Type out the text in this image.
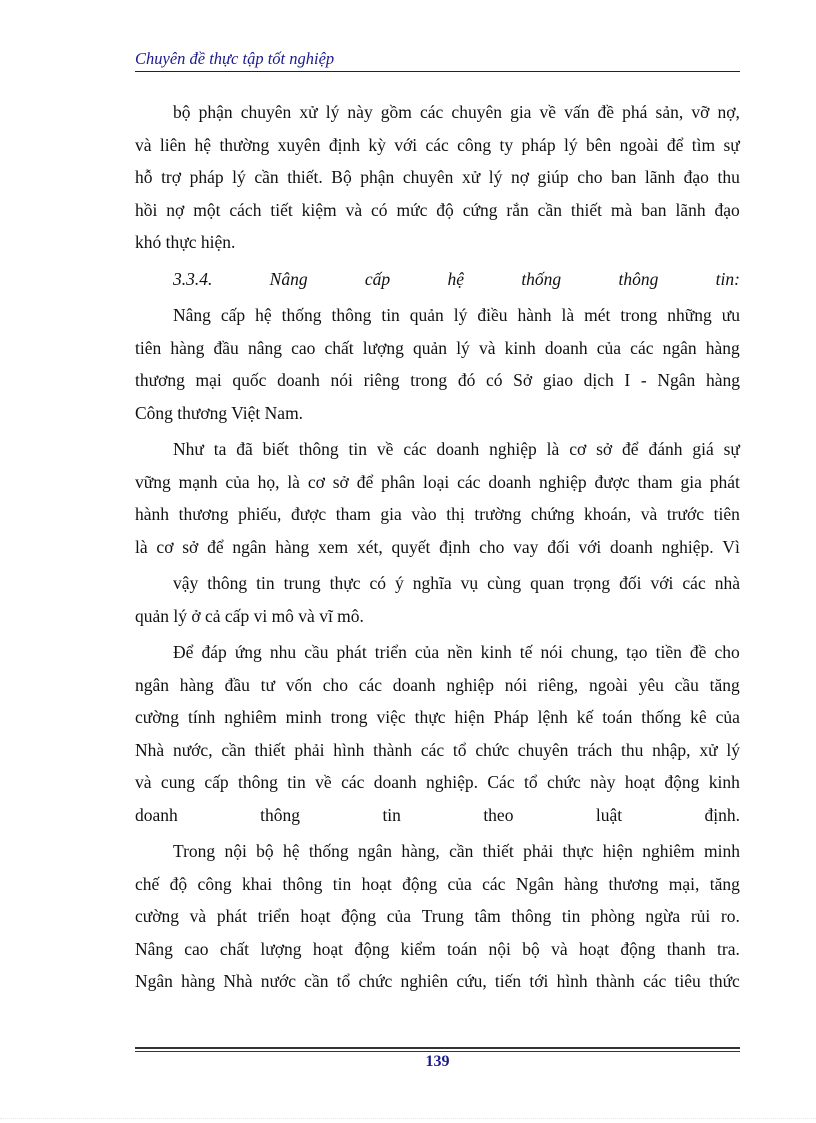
Chuyên đề thực tập tốt nghiệp
bộ phận chuyên xử lý này gồm các chuyên gia về vấn đề phá sản, vỡ nợ,
và liên hệ thường xuyên định kỳ với các công ty pháp lý bên ngoài để tìm sự
hỗ trợ pháp lý cần thiết. Bộ phận chuyên xử lý nợ giúp cho ban lãnh đạo thu
hồi nợ một cách tiết kiệm và có mức độ cứng rắn cần thiết mà ban lãnh đạo
khó thực hiện.
3.3.4.	Nâng	cấp	hệ	thống	thông	tin:
Nâng cấp hệ thống thông tin quản lý điều hành là mét trong những ưu
tiên hàng đầu nâng cao chất lượng quản lý và kinh doanh của các ngân hàng
thương mại quốc doanh nói riêng trong đó có Sở giao dịch I - Ngân hàng
Công thương Việt Nam.
Như ta đã biết thông tin về các doanh nghiệp là cơ sở để đánh giá sự
vững mạnh của họ, là cơ sở để phân loại các doanh nghiệp được tham gia phát
hành thương phiếu, được tham gia vào thị trường chứng khoán, và trước tiên
là cơ sở để ngân hàng xem xét, quyết định cho vay đối với doanh nghiệp. Vì
vậy thông tin trung thực có ý nghĩa vụ cùng quan trọng đối với các nhà
quản lý ở cả cấp vi mô và vĩ mô.
Để đáp ứng nhu cầu phát triển của nền kinh tế nói chung, tạo tiền đề cho
ngân hàng đầu tư vốn cho các doanh nghiệp nói riêng, ngoài yêu cầu tăng
cường tính nghiêm minh trong việc thực hiện Pháp lệnh kế toán thống kê của
Nhà nước, cần thiết phải hình thành các tổ chức chuyên trách thu nhập, xử lý
và cung cấp thông tin về các doanh nghiệp. Các tổ chức này hoạt động kinh
doanh	thông	tin	theo	luật	định.
Trong nội bộ hệ thống ngân hàng, cần thiết phải thực hiện nghiêm minh
chế độ công khai thông tin hoạt động của các Ngân hàng thương mại, tăng
cường và phát triển hoạt động của Trung tâm thông tin phòng ngừa rủi ro.
Nâng cao chất lượng hoạt động kiểm toán nội bộ và hoạt động thanh tra.
Ngân hàng Nhà nước cần tổ chức nghiên cứu, tiến tới hình thành các tiêu thức
139
